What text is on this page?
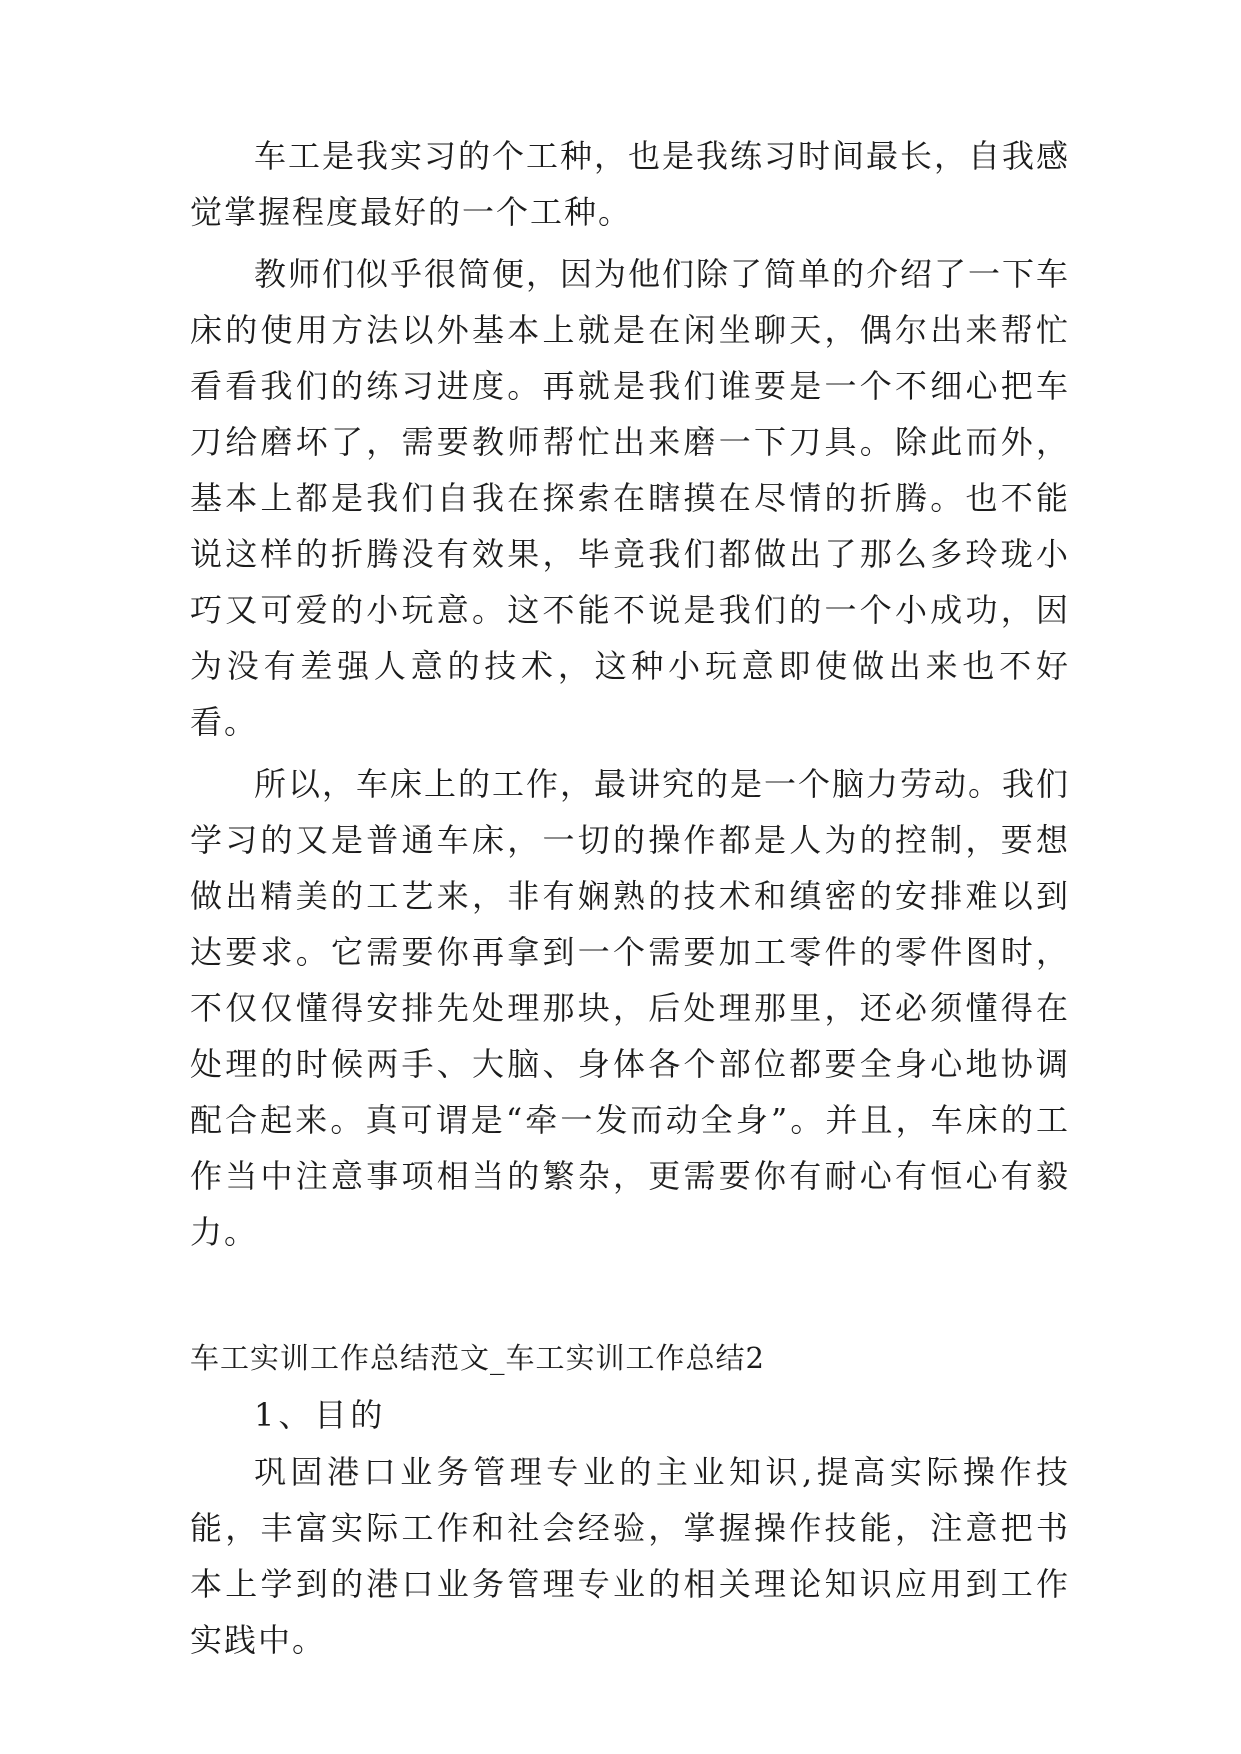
车工是我实习的个工种，也是我练习时间最长，自我感觉掌握程度最好的一个工种。

教师们似乎很简便，因为他们除了简单的介绍了一下车床的使用方法以外基本上就是在闲坐聊天，偶尔出来帮忙看看我们的练习进度。再就是我们谁要是一个不细心把车刀给磨坏了，需要教师帮忙出来磨一下刀具。除此而外，基本上都是我们自我在探索在瞎摸在尽情的折腾。也不能说这样的折腾没有效果，毕竟我们都做出了那么多玲珑小巧又可爱的小玩意。这不能不说是我们的一个小成功，因为没有差强人意的技术，这种小玩意即使做出来也不好看。

所以，车床上的工作，最讲究的是一个脑力劳动。我们学习的又是普通车床，一切的操作都是人为的控制，要想做出精美的工艺来，非有娴熟的技术和缜密的安排难以到达要求。它需要你再拿到一个需要加工零件的零件图时，不仅仅懂得安排先处理那块，后处理那里，还必须懂得在处理的时候两手、大脑、身体各个部位都要全身心地协调配合起来。真可谓是“牵一发而动全身”。并且，车床的工作当中注意事项相当的繁杂，更需要你有耐心有恒心有毅力。

车工实训工作总结范文_车工实训工作总结2

1、目的

巩固港口业务管理专业的主业知识,提高实际操作技能，丰富实际工作和社会经验，掌握操作技能，注意把书本上学到的港口业务管理专业的相关理论知识应用到工作实践中。
